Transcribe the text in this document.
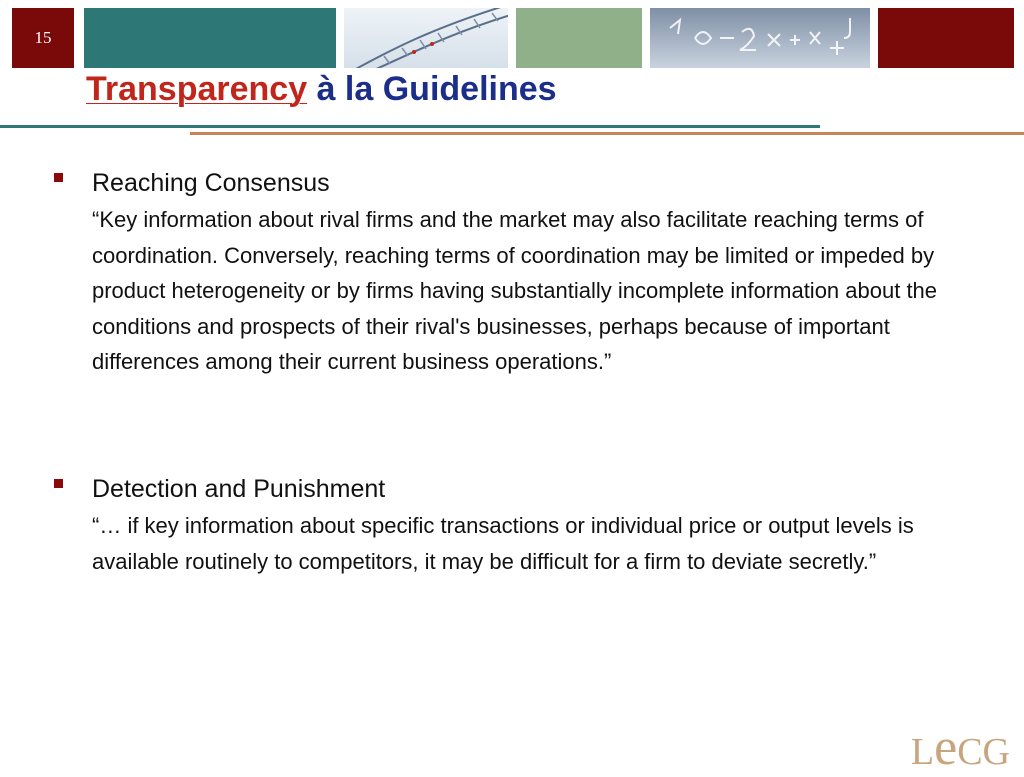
15
Transparency à la Guidelines
Reaching Consensus
“Key information about rival firms and the market may also facilitate reaching terms of coordination. Conversely, reaching terms of coordination may be limited or impeded by product heterogeneity or by firms having substantially incomplete information about the conditions and prospects of their rival's businesses, perhaps because of important differences among their current business operations.”
Detection and Punishment
“… if key information about specific transactions or individual price or output levels is available routinely to competitors, it may be difficult for a firm to deviate secretly.”
LeCG
